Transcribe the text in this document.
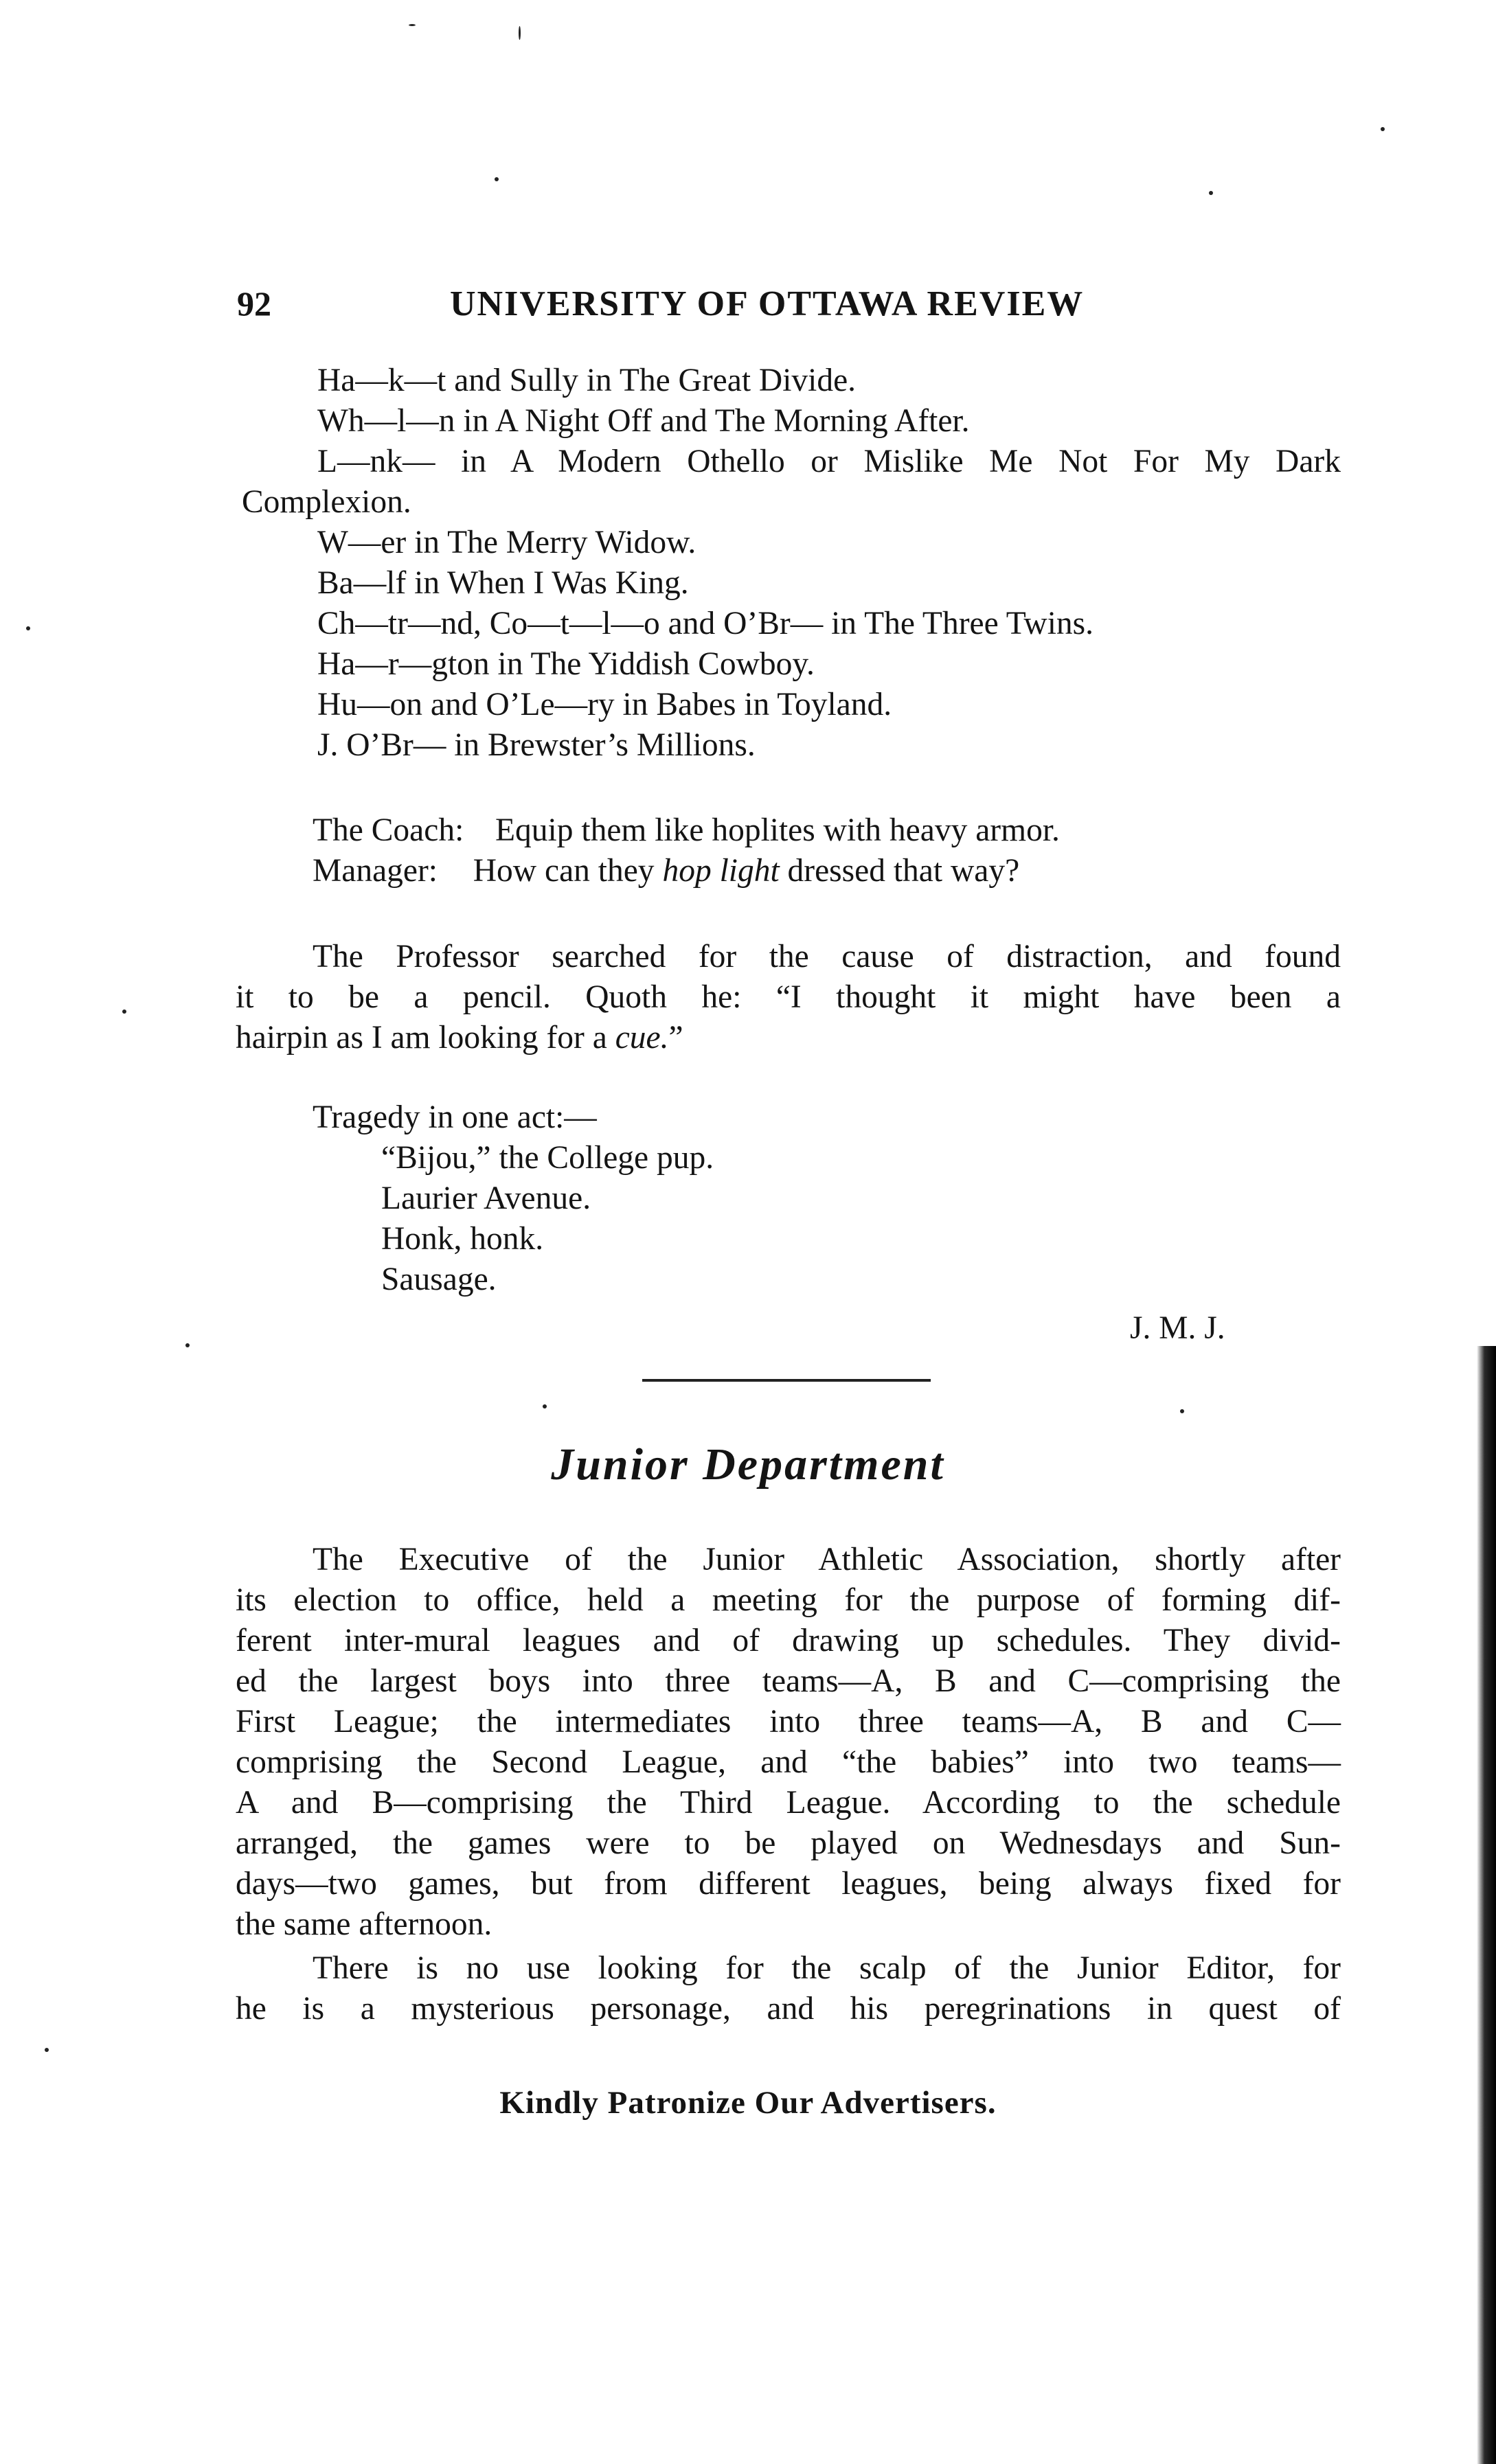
92	UNIVERSITY OF OTTAWA REVIEW
Ha—k—t and Sully in The Great Divide.
Wh—l—n in A Night Off and The Morning After.
L—nk— in A Modern Othello or Mislike Me Not For My Dark
Complexion.
W—er in The Merry Widow.
Ba—lf in When I Was King.
Ch—tr—nd, Co—t—l—o and O’Br— in The Three Twins.
Ha—r—gton in The Yiddish Cowboy.
Hu—on and O’Le—ry in Babes in Toyland.
J. O’Br— in Brewster’s Millions.
The Coach: Equip them like hoplites with heavy armor.
Manager: How can they hop light dressed that way?
The Professor searched for the cause of distraction, and found
it to be a pencil. Quoth he: “I thought it might have been a
hairpin as I am looking for a cue.”
Tragedy in one act:—
“Bijou,” the College pup.
Laurier Avenue.
Honk, honk.
Sausage.
J. M. J.
Junior Department
The Executive of the Junior Athletic Association, shortly after
its election to office, held a meeting for the purpose of forming dif-
ferent inter-mural leagues and of drawing up schedules. They divid-
ed the largest boys into three teams—A, B and C—comprising the
First League; the intermediates into three teams—A, B and C—
comprising the Second League, and “the babies” into two teams—
A and B—comprising the Third League. According to the schedule
arranged, the games were to be played on Wednesdays and Sun-
days—two games, but from different leagues, being always fixed for
the same afternoon.
There is no use looking for the scalp of the Junior Editor, for
he is a mysterious personage, and his peregrinations in quest of
Kindly Patronize Our Advertisers.
